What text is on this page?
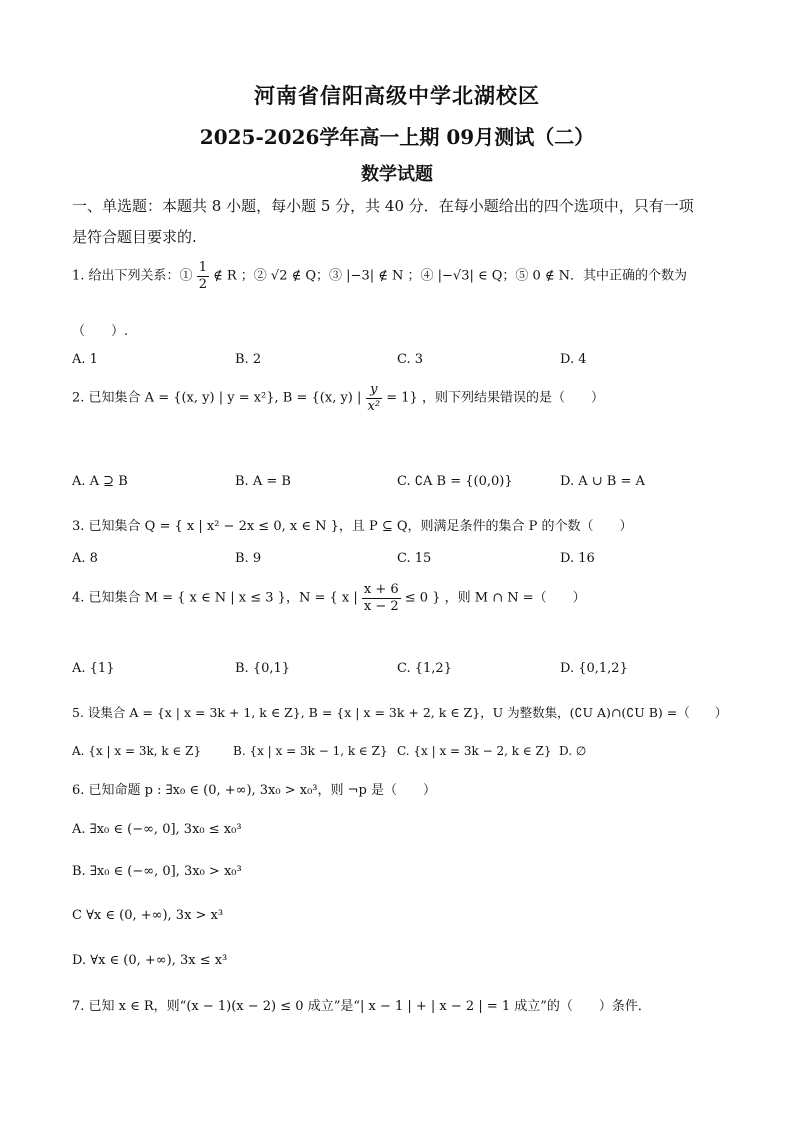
河南省信阳高级中学北湖校区
2025-2026学年高一上期 09月测试（二）
数学试题
一、单选题：本题共 8 小题，每小题 5 分，共 40 分．在每小题给出的四个选项中，只有一项
是符合题目要求的.
1. 给出下列关系：① $\frac{1}{2}$ ∉ R ；② √2 ∉ Q；③ |−3| ∉ N ；④ |−√3| ∈ Q；⑤ 0 ∉ N．其中正确的个数为
（　　）.
A. 1	B. 2	C. 3	D. 4
2. 已知集合 A = {(x, y) | y = x²}, B = {(x, y) | $\frac{y}{\text{x²}} = 1$} ，则下列结果错误的是（　　）
A. A ⊇ B	B. A = B	C. ∁A B = {(0,0)}	D. A ∪ B = A
3. 已知集合 Q = { x | x² − 2x ≤ 0, x ∈ N }，且 P ⊆ Q，则满足条件的集合 P 的个数（　　）
A. 8	B. 9	C. 15	D. 16
4. 已知集合 M = { x ∈ N | x ≤ 3 }，N = { x | $\frac{x + 6}{x - 2} \le 0$ } ，则 M ∩ N =（　　）
A. {1}	B. {0,1}	C. {1,2}	D. {0,1,2}
5. 设集合 A = {x | x = 3k + 1, k ∈ Z}, B = {x | x = 3k + 2, k ∈ Z}，U 为整数集，(∁U A)∩(∁U B) =（　　）
A. {x | x = 3k, k ∈ Z}	B. {x | x = 3k − 1, k ∈ Z} C. {x | x = 3k − 2, k ∈ Z} D. ∅
6. 已知命题 p : ∃x₀ ∈ (0, +∞), 3x₀ > x₀³，则 ¬p 是（　　）
A. ∃x₀ ∈ (−∞, 0], 3x₀ ≤ x₀³
B. ∃x₀ ∈ (−∞, 0], 3x₀ > x₀³
C ∀x ∈ (0, +∞), 3x > x³
D. ∀x ∈ (0, +∞), 3x ≤ x³
7. 已知 x ∈ R，则“(x − 1)(x − 2) ≤ 0 成立”是“| x − 1 | + | x − 2 | = 1 成立”的（　　）条件．
